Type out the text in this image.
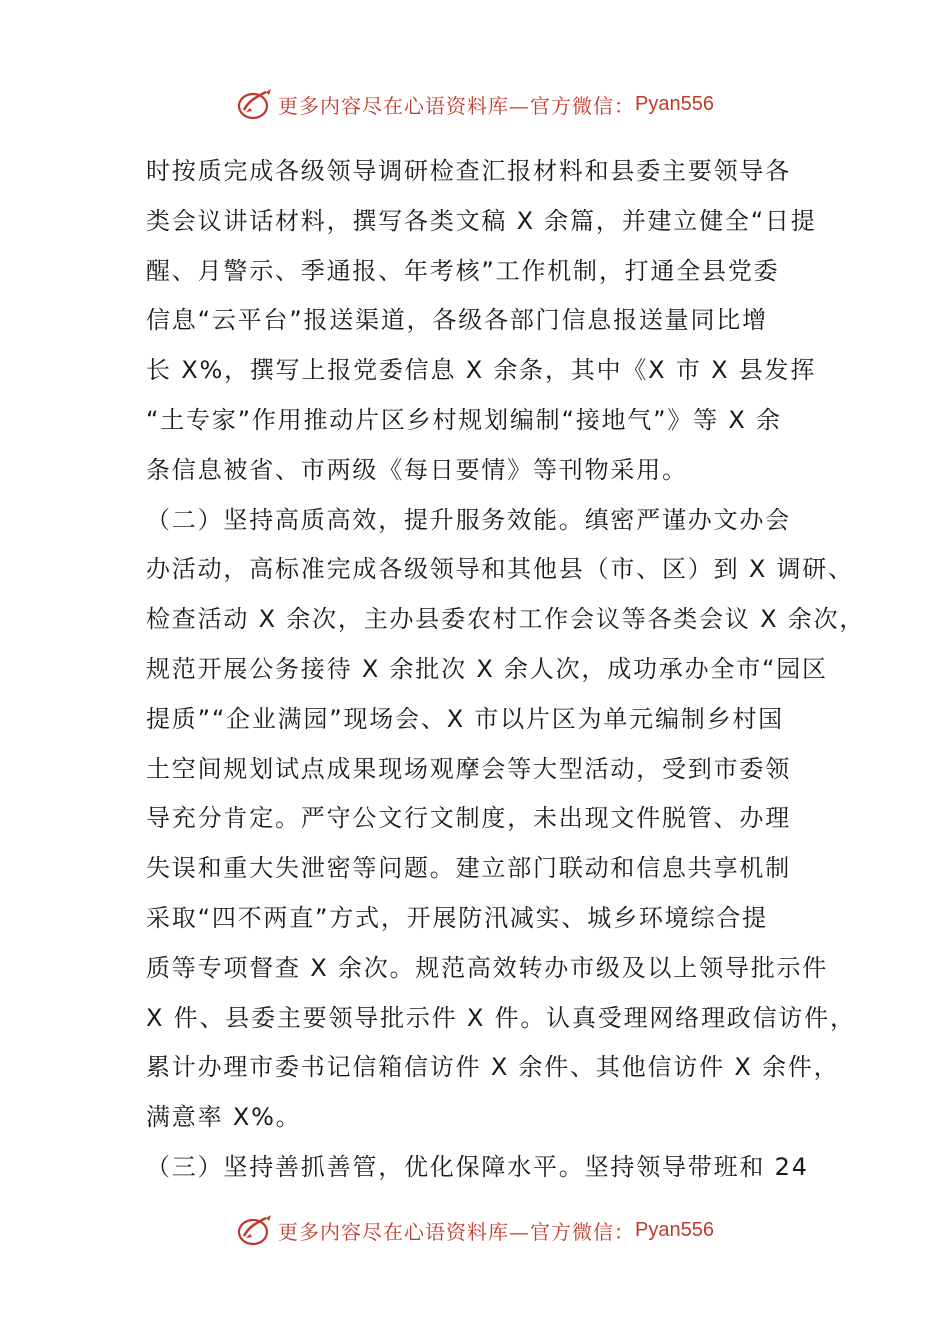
更多内容尽在心语资料库—官方微信： Pyan556
时按质完成各级领导调研检查汇报材料和县委主要领导各
类会议讲话材料，撰写各类文稿 X 余篇，并建立健全“日提
醒、月警示、季通报、年考核”工作机制，打通全县党委
信息“云平台”报送渠道，各级各部门信息报送量同比增
长 X%，撰写上报党委信息 X 余条，其中《X 市 X 县发挥
“土专家”作用推动片区乡村规划编制“接地气”》等 X 余
条信息被省、市两级《每日要情》等刊物采用。
（二）坚持高质高效，提升服务效能。缜密严谨办文办会
办活动，高标准完成各级领导和其他县（市、区）到 X 调研、
检查活动 X 余次，主办县委农村工作会议等各类会议 X 余次，
规范开展公务接待 X 余批次 X 余人次，成功承办全市“园区
提质”“企业满园”现场会、X 市以片区为单元编制乡村国
土空间规划试点成果现场观摩会等大型活动，受到市委领
导充分肯定。严守公文行文制度，未出现文件脱管、办理
失误和重大失泄密等问题。建立部门联动和信息共享机制
采取“四不两直”方式，开展防汛减实、城乡环境综合提
质等专项督查 X 余次。规范高效转办市级及以上领导批示件
X 件、县委主要领导批示件 X 件。认真受理网络理政信访件，
累计办理市委书记信箱信访件 X 余件、其他信访件 X 余件，
满意率 X%。
（三）坚持善抓善管，优化保障水平。坚持领导带班和 24
更多内容尽在心语资料库—官方微信： Pyan556
